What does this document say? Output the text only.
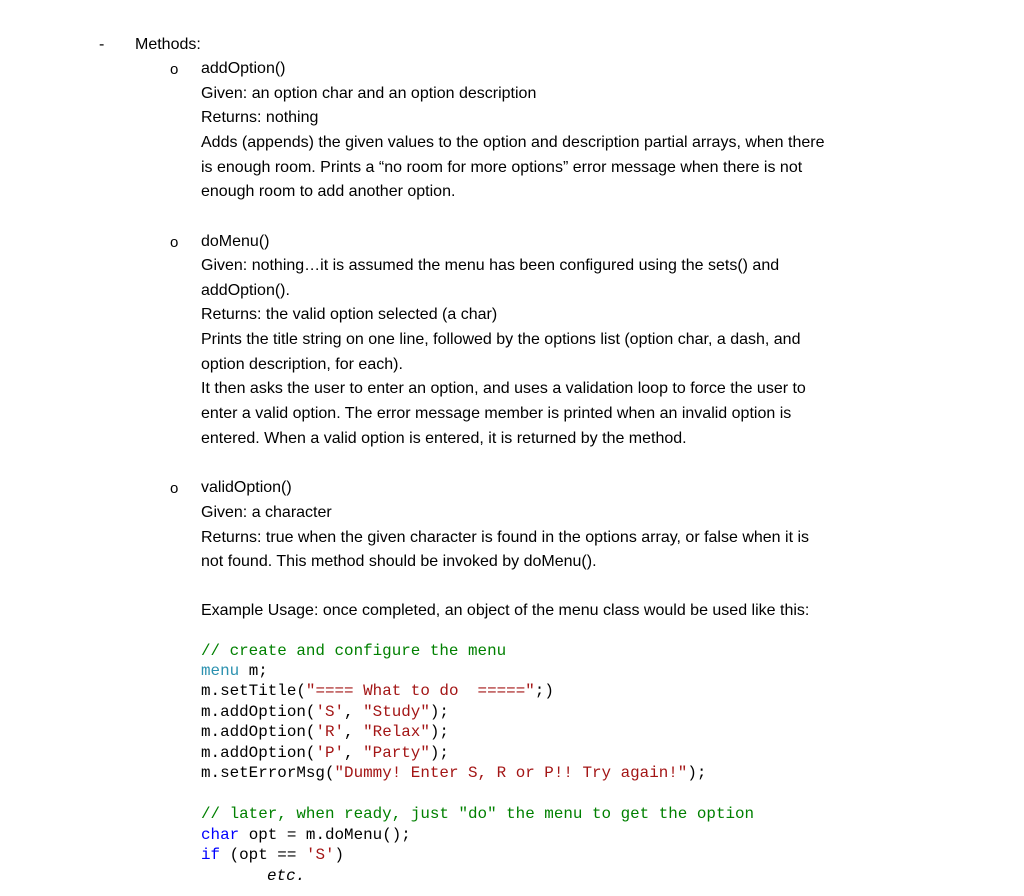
- Methods:
o addOption()
Given: an option char and an option description
Returns: nothing
Adds (appends) the given values to the option and description partial arrays, when there
is enough room. Prints a “no room for more options” error message when there is not
enough room to add another option.
o doMenu()
Given: nothing…it is assumed the menu has been configured using the sets() and
addOption().
Returns: the valid option selected (a char)
Prints the title string on one line, followed by the options list (option char, a dash, and
option description, for each).
It then asks the user to enter an option, and uses a validation loop to force the user to
enter a valid option. The error message member is printed when an invalid option is
entered. When a valid option is entered, it is returned by the method.
o validOption()
Given: a character
Returns: true when the given character is found in the options array, or false when it is
not found. This method should be invoked by doMenu().
Example Usage: once completed, an object of the menu class would be used like this:
// create and configure the menu
menu m;
m.setTitle("==== What to do  =====";)
m.addOption('S', "Study");
m.addOption('R', "Relax");
m.addOption('P', "Party");
m.setErrorMsg("Dummy! Enter S, R or P!! Try again!");
// later, when ready, just "do" the menu to get the option
char opt = m.doMenu();
if (opt == 'S')
etc.
